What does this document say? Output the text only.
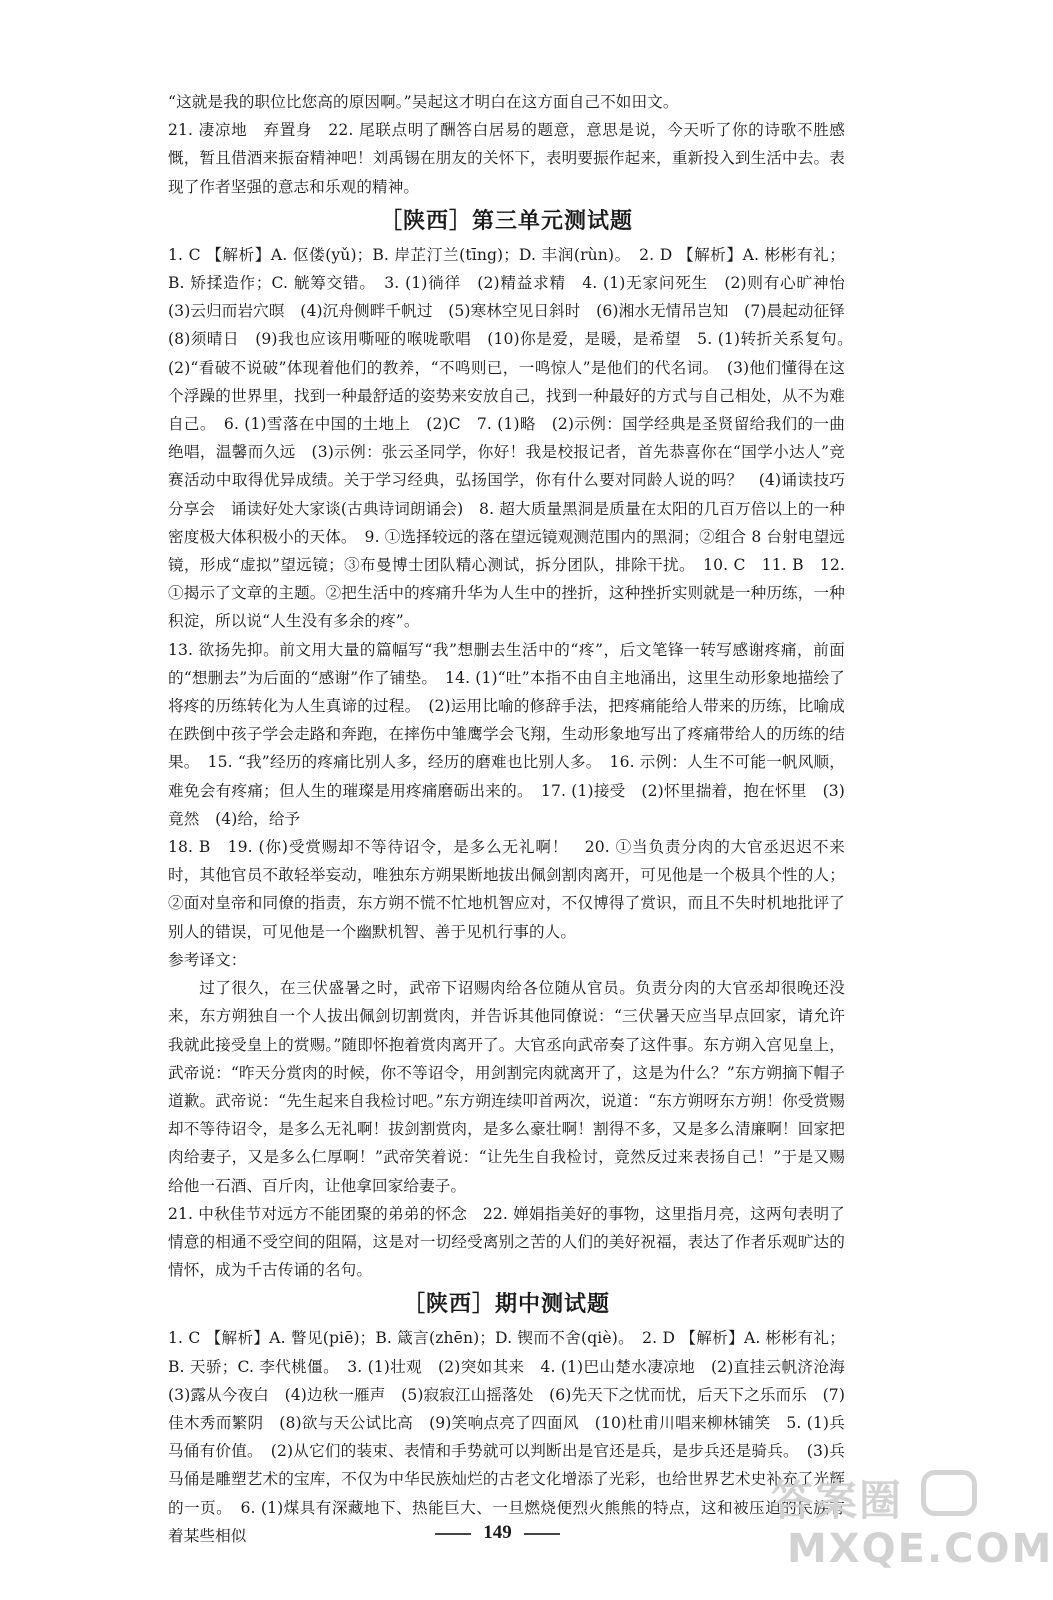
“这就是我的职位比您高的原因啊。”吴起这才明白在这方面自己不如田文。

21. 凄凉地　弃置身　22. 尾联点明了酬答白居易的题意，意思是说，今天听了你的诗歌不胜感慨，暂且借酒来振奋精神吧！刘禹锡在朋友的关怀下，表明要振作起来，重新投入到生活中去。表现了作者坚强的意志和乐观的精神。

［陕西］第三单元测试题

1. C 【解析】A. 伛偻(yǔ)；B. 岸芷汀兰(tīng)；D. 丰润(rùn)。　2. D 【解析】A. 彬彬有礼；B. 矫揉造作；C. 觥筹交错。　3. (1)徜徉　(2)精益求精　4. (1)无家问死生　(2)则有心旷神怡　(3)云归而岩穴暝　(4)沉舟侧畔千帆过　(5)寒林空见日斜时　(6)湘水无情吊岂知　(7)晨起动征铎　(8)须晴日　(9)我也应该用嘶哑的喉咙歌唱　(10)你是爱，是暖，是希望　5. (1)转折关系复句。　(2)“看破不说破”体现着他们的教养，“不鸣则已，一鸣惊人”是他们的代名词。　(3)他们懂得在这个浮躁的世界里，找到一种最舒适的姿势来安放自己，找到一种最好的方式与自己相处，从不为难自己。　6. (1)雪落在中国的土地上　(2)C　7. (1)略　(2)示例：国学经典是圣贤留给我们的一曲绝唱，温馨而久远　(3)示例：张云圣同学，你好！我是校报记者，首先恭喜你在“国学小达人”竞赛活动中取得优异成绩。关于学习经典，弘扬国学，你有什么要对同龄人说的吗？　(4)诵读技巧分享会　诵读好处大家谈(古典诗词朗诵会)　8. 超大质量黑洞是质量在太阳的几百万倍以上的一种密度极大体积极小的天体。　9. ①选择较远的落在望远镜观测范围内的黑洞；②组合 8 台射电望远镜，形成“虚拟”望远镜；③布曼博士团队精心测试，拆分团队，排除干扰。　10. C　11. B　12. ①揭示了文章的主题。②把生活中的疼痛升华为人生中的挫折，这种挫折实则就是一种历练，一种积淀，所以说“人生没有多余的疼”。

13. 欲扬先抑。前文用大量的篇幅写“我”想删去生活中的“疼”，后文笔锋一转写感谢疼痛，前面的“想删去”为后面的“感谢”作了铺垫。　14. (1)“吐”本指不由自主地涌出，这里生动形象地描绘了将疼的历练转化为人生真谛的过程。　(2)运用比喻的修辞手法，把疼痛能给人带来的历练，比喻成在跌倒中孩子学会走路和奔跑，在摔伤中雏鹰学会飞翔，生动形象地写出了疼痛带给人的历练的结果。　15. “我”经历的疼痛比别人多，经历的磨难也比别人多。　16. 示例：人生不可能一帆风顺，难免会有疼痛；但人生的璀璨是用疼痛磨砺出来的。　17. (1)接受　(2)怀里揣着，抱在怀里　(3)竟然　(4)给，给予

18. B　19. (你)受赏赐却不等待诏令，是多么无礼啊！　20. ①当负责分肉的大官丞迟迟不来时，其他官员不敢轻举妄动，唯独东方朔果断地拔出佩剑割肉离开，可见他是一个极具个性的人；②面对皇帝和同僚的指责，东方朔不慌不忙地机智应对，不仅博得了赏识，而且不失时机地批评了别人的错误，可见他是一个幽默机智、善于见机行事的人。

参考译文：

过了很久，在三伏盛暑之时，武帝下诏赐肉给各位随从官员。负责分肉的大官丞却很晚还没来，东方朔独自一个人拔出佩剑切割赏肉，并告诉其他同僚说：“三伏暑天应当早点回家，请允许我就此接受皇上的赏赐。”随即怀抱着赏肉离开了。大官丞向武帝奏了这件事。东方朔入宫见皇上，武帝说：“昨天分赏肉的时候，你不等诏令，用剑割完肉就离开了，这是为什么？”东方朔摘下帽子道歉。武帝说：“先生起来自我检讨吧。”东方朔连续叩首两次，说道：“东方朔呀东方朔！你受赏赐却不等待诏令，是多么无礼啊！拔剑割赏肉，是多么豪壮啊！割得不多，又是多么清廉啊！回家把肉给妻子，又是多么仁厚啊！”武帝笑着说：“让先生自我检讨，竟然反过来表扬自己！”于是又赐给他一石酒、百斤肉，让他拿回家给妻子。

21. 中秋佳节对远方不能团聚的弟弟的怀念　22. 婵娟指美好的事物，这里指月亮，这两句表明了情意的相通不受空间的阻隔，这是对一切经受离别之苦的人们的美好祝福，表达了作者乐观旷达的情怀，成为千古传诵的名句。

［陕西］期中测试题

1. C 【解析】A. 瞥见(piē)；B. 箴言(zhēn)；D. 锲而不舍(qiè)。　2. D 【解析】A. 彬彬有礼；B. 天骄；C. 李代桃僵。　3. (1)壮观　(2)突如其来　4. (1)巴山楚水凄凉地　(2)直挂云帆济沧海　(3)露从今夜白　(4)边秋一雁声　(5)寂寂江山摇落处　(6)先天下之忧而忧，后天下之乐而乐　(7)佳木秀而繁阴　(8)欲与天公试比高　(9)笑响点亮了四面风　(10)杜甫川唱来柳林铺笑　5. (1)兵马俑有价值。　(2)从它们的装束、表情和手势就可以判断出是官还是兵，是步兵还是骑兵。　(3)兵马俑是雕塑艺术的宝库，不仅为中华民族灿烂的古老文化增添了光彩，也给世界艺术史补充了光辉的一页。　6. (1)煤具有深藏地下、热能巨大、一旦燃烧便烈火熊熊的特点，这和被压迫的民族有着某些相似	149
答案圈
MXQE.COM
